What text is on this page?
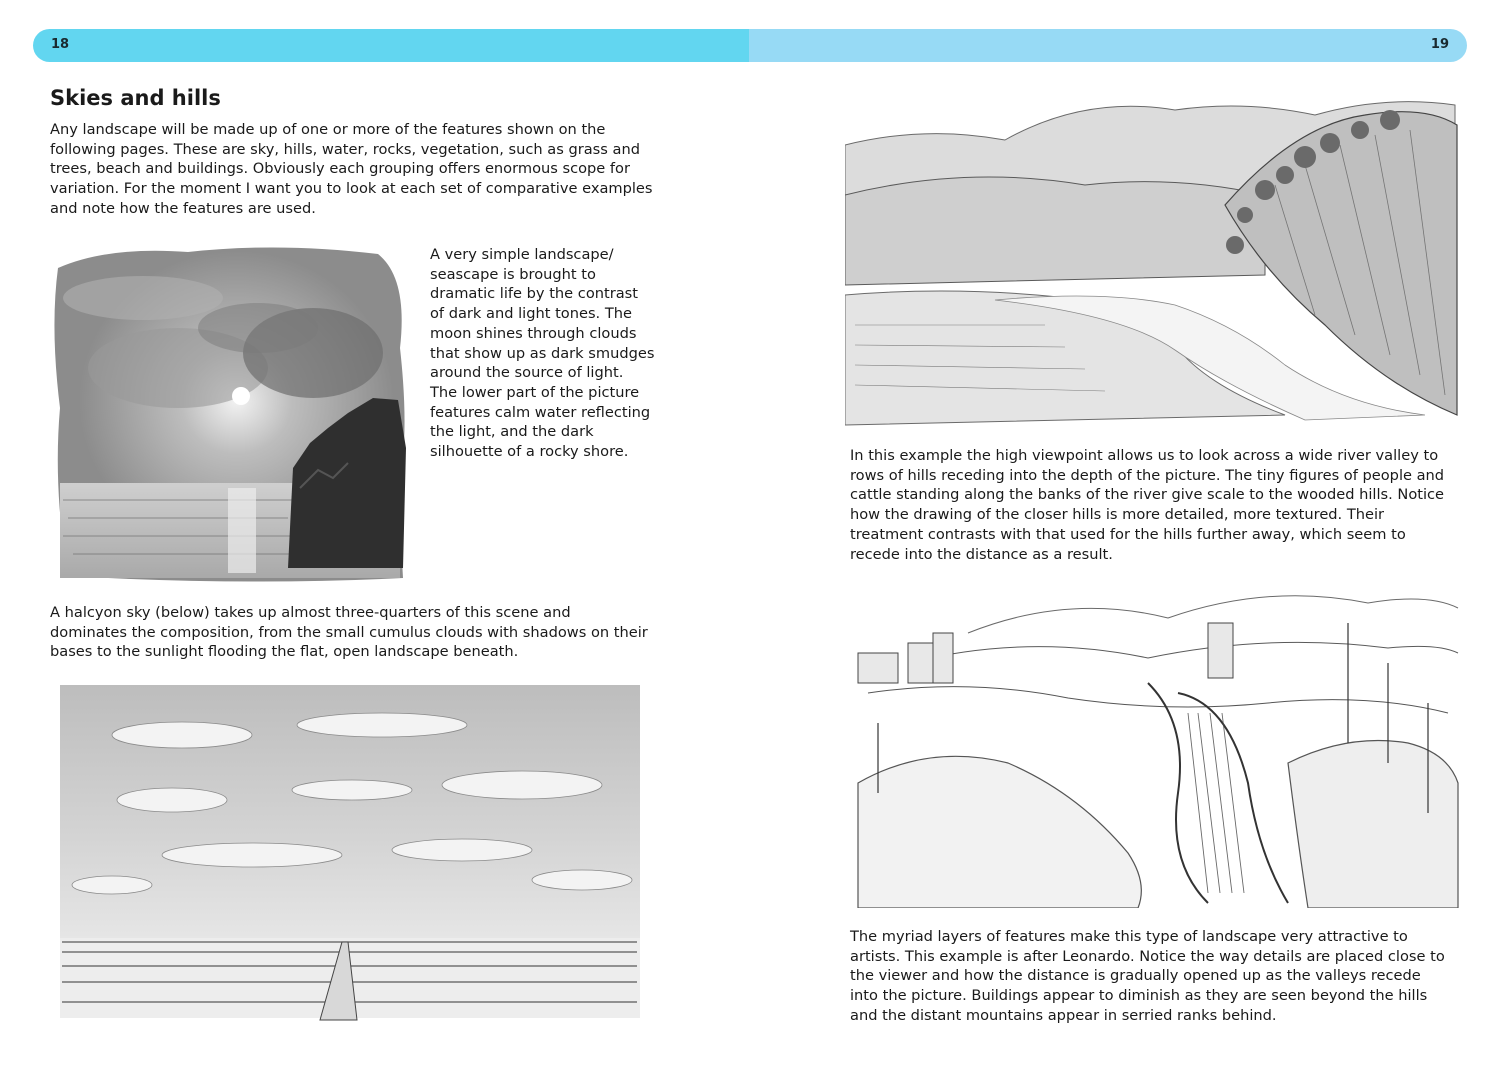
18	19
Skies and hills

Any landscape will be made up of one or more of the features shown on the following pages. These are sky, hills, water, rocks, vegetation, such as grass and trees, beach and buildings. Obviously each grouping offers enormous scope for variation. For the moment I want you to look at each set of comparative examples and note how the features are used.

A very simple landscape/ seascape is brought to dramatic life by the contrast of dark and light tones. The moon shines through clouds that show up as dark smudges around the source of light. The lower part of the picture features calm water reflecting the light, and the dark silhouette of a rocky shore.

A halcyon sky (below) takes up almost three-quarters of this scene and dominates the composition, from the small cumulus clouds with shadows on their bases to the sunlight flooding the flat, open landscape beneath.

In this example the high viewpoint allows us to look across a wide river valley to rows of hills receding into the depth of the picture. The tiny figures of people and cattle standing along the banks of the river give scale to the wooded hills. Notice how the drawing of the closer hills is more detailed, more textured. Their treatment contrasts with that used for the hills further away, which seem to recede into the distance as a result.

The myriad layers of features make this type of landscape very attractive to artists. This example is after Leonardo. Notice the way details are placed close to the viewer and how the distance is gradually opened up as the valleys recede into the picture. Buildings appear to diminish as they are seen beyond the hills and the distant mountains appear in serried ranks behind.
